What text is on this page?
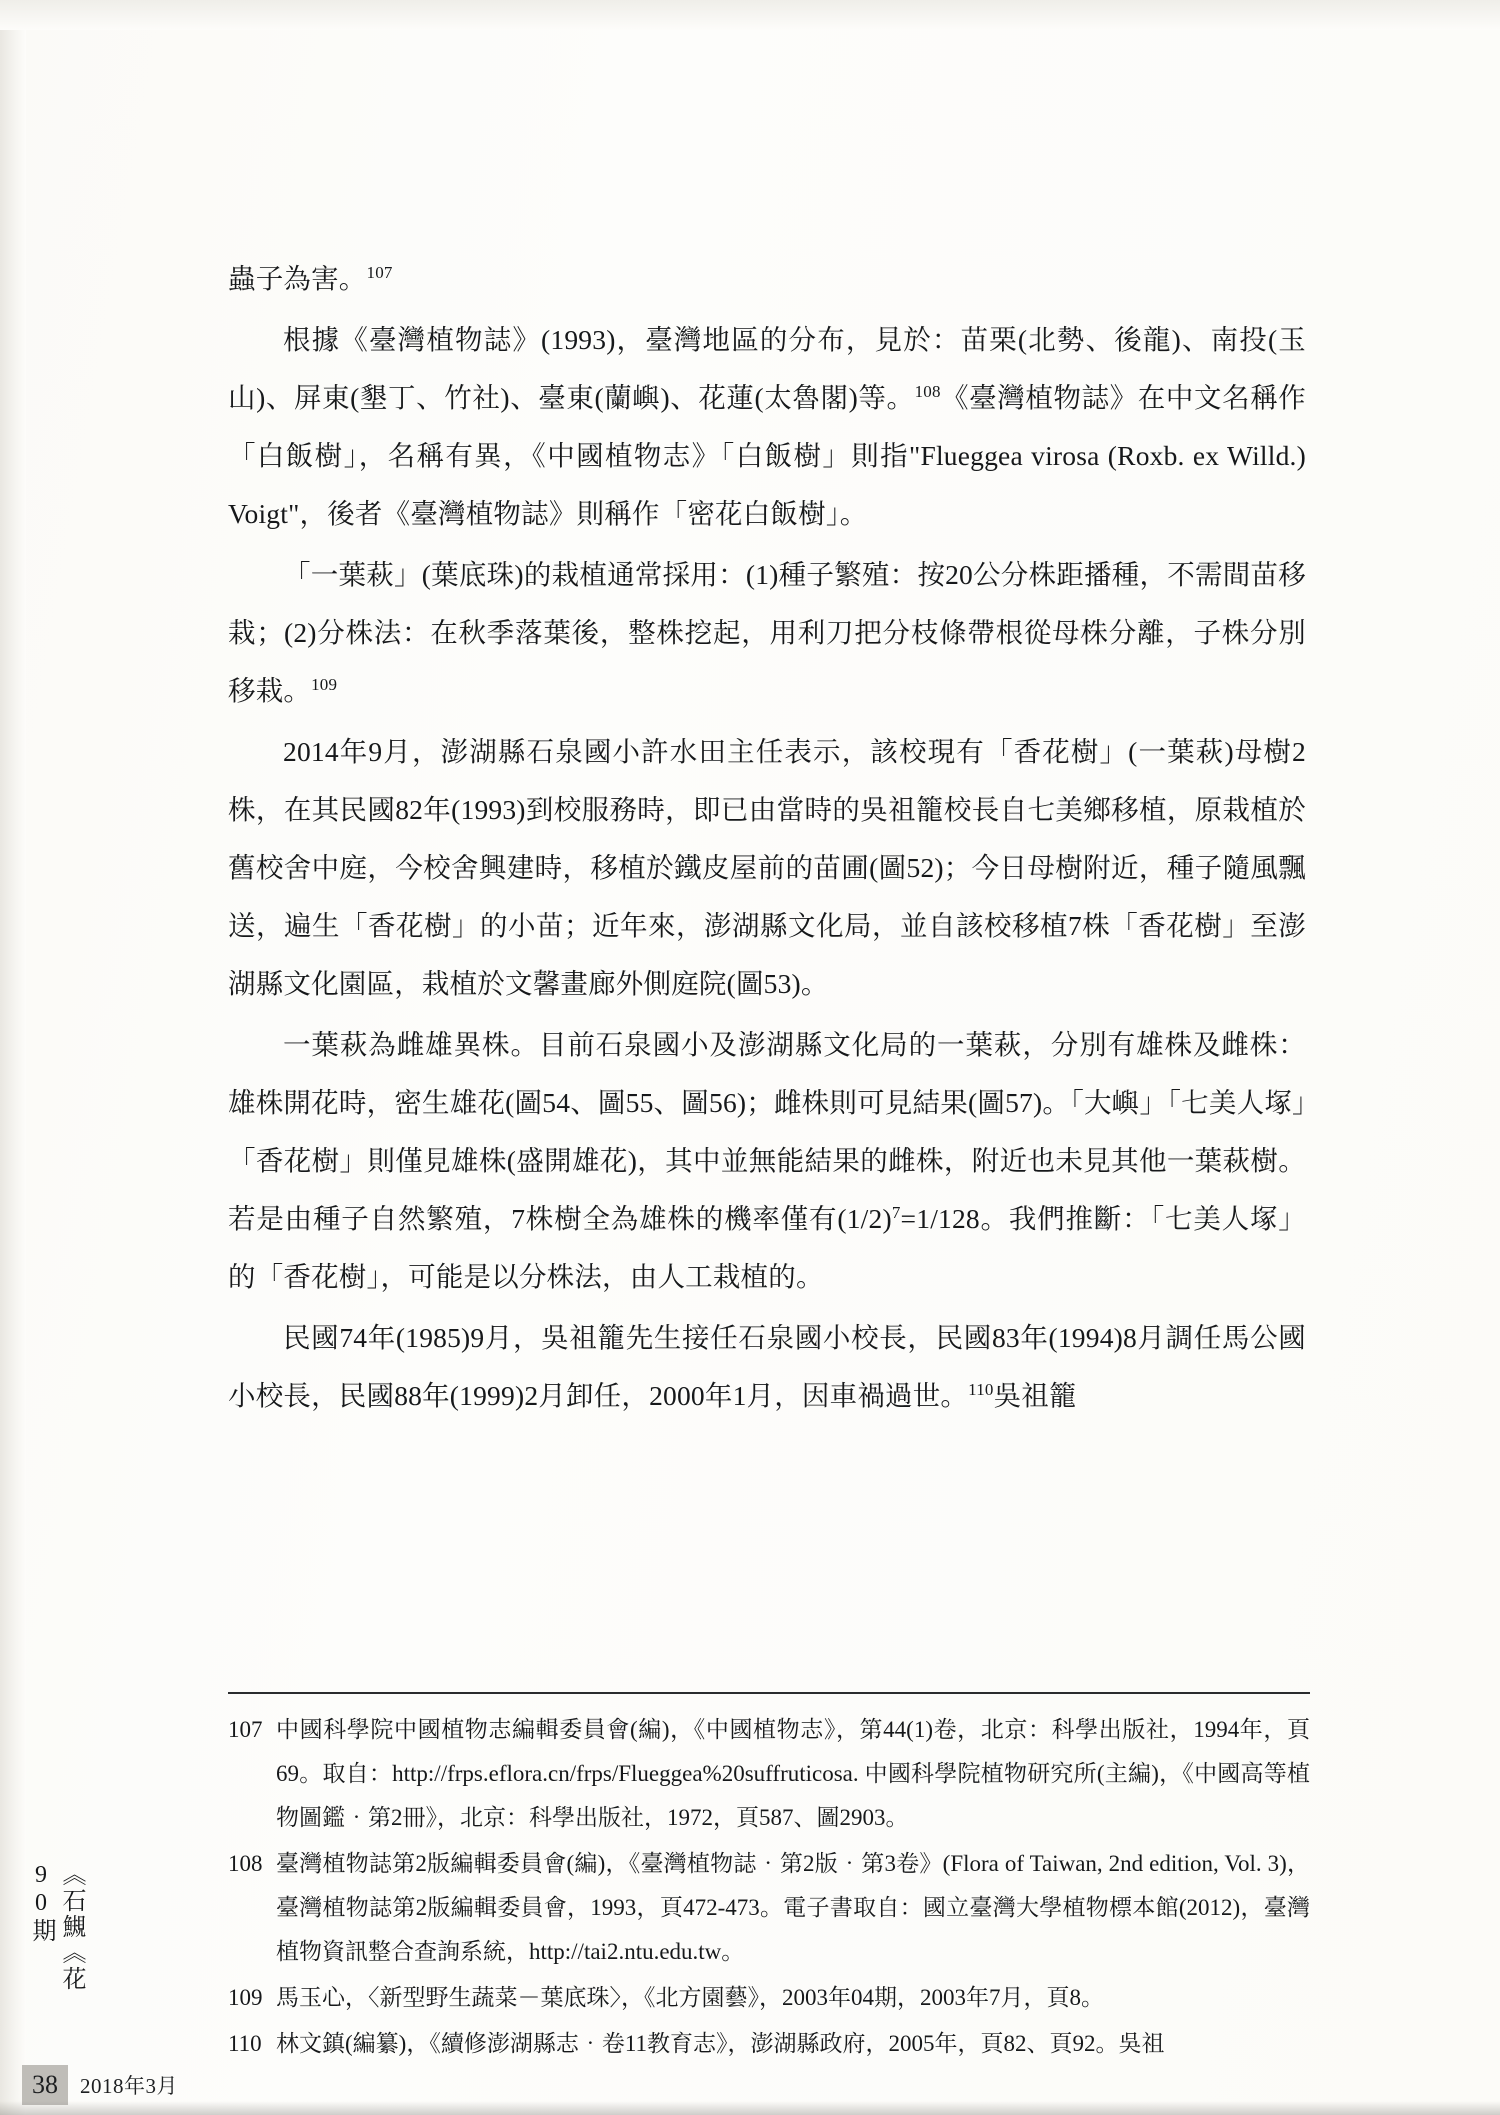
蟲子為害。$^{107}$

根據《臺灣植物誌》(1993)，臺灣地區的分布，見於：苗栗(北勢、後龍)、南投(玉山)、屏東(墾丁、竹社)、臺東(蘭嶼)、花蓮(太魯閣)等。$^{108}$《臺灣植物誌》在中文名稱作「白飯樹」，名稱有異，《中國植物志》「白飯樹」則指"Flueggea virosa (Roxb. ex Willd.) Voigt"，後者《臺灣植物誌》則稱作「密花白飯樹」。

「一葉萩」(葉底珠)的栽植通常採用：(1)種子繁殖：按20公分株距播種，不需間苗移栽；(2)分株法：在秋季落葉後，整株挖起，用利刀把分枝條帶根從母株分離，子株分別移栽。$^{109}$

2014年9月，澎湖縣石泉國小許水田主任表示，該校現有「香花樹」(一葉萩)母樹2株，在其民國82年(1993)到校服務時，即已由當時的吳祖籠校長自七美鄉移植，原栽植於舊校舍中庭，今校舍興建時，移植於鐵皮屋前的苗圃(圖52)；今日母樹附近，種子隨風飄送，遍生「香花樹」的小苗；近年來，澎湖縣文化局，並自該校移植7株「香花樹」至澎湖縣文化園區，栽植於文馨畫廊外側庭院(圖53)。

一葉萩為雌雄異株。目前石泉國小及澎湖縣文化局的一葉萩，分別有雄株及雌株：雄株開花時，密生雄花(圖54、圖55、圖56)；雌株則可見結果(圖57)。「大嶼」「七美人塚」「香花樹」則僅見雄株(盛開雄花)，其中並無能結果的雌株，附近也未見其他一葉萩樹。若是由種子自然繁殖，7株樹全為雄株的機率僅有$(1/2)^7=1/128$。我們推斷：「七美人塚」的「香花樹」，可能是以分株法，由人工栽植的。

民國74年(1985)9月，吳祖籠先生接任石泉國小校長，民國83年(1994)8月調任馬公國小校長，民國88年(1999)2月卸任，2000年1月，因車禍過世。$^{110}$吳祖籠

107 中國科學院中國植物志編輯委員會(編)，《中國植物志》，第44(1)卷，北京：科學出版社，1994年，頁69。取自：http://frps.eflora.cn/frps/Flueggea%20suffruticosa. 中國科學院植物研究所(主編)，《中國高等植物圖鑑‧第2冊》，北京：科學出版社，1972，頁587、圖2903。
108 臺灣植物誌第2版編輯委員會(編)，《臺灣植物誌‧第2版‧第3卷》(Flora of Taiwan, 2nd edition, Vol. 3)，臺灣植物誌第2版編輯委員會，1993，頁472-473。電子書取自：國立臺灣大學植物標本館(2012)，臺灣植物資訊整合查詢系統，http://tai2.ntu.edu.tw。
109 馬玉心，〈新型野生蔬菜－葉底珠〉，《北方園藝》，2003年04期，2003年7月，頁8。
110 林文鎮(編纂)，《續修澎湖縣志‧卷11教育志》，澎湖縣政府，2005年，頁82、頁92。吳祖
《石䲅《花90期
38	2018年3月
